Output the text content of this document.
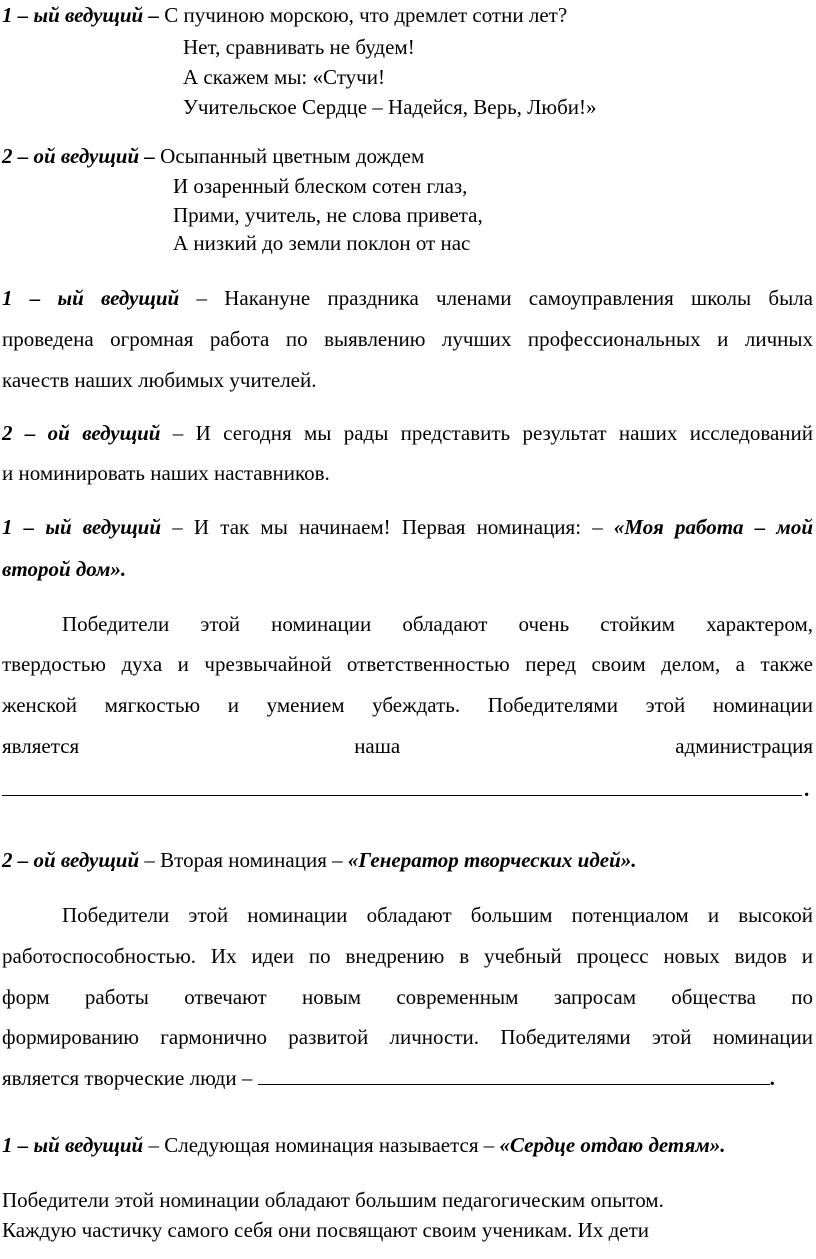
1 – ый ведущий – С пучиною морскою, что дремлет сотни лет?
Нет, сравнивать не будем!
А скажем мы: «Стучи!
Учительское Сердце – Надейся, Верь, Люби!»
2 – ой ведущий – Осыпанный цветным дождем
И озаренный блеском сотен глаз,
Прими, учитель, не слова привета,
А низкий до земли поклон от нас
1 – ый ведущий – Накануне праздника членами самоуправления школы была
проведена огромная работа по выявлению лучших профессиональных и личных
качеств наших любимых учителей.
2 – ой ведущий – И сегодня мы рады представить результат наших исследований
и номинировать наших наставников.
1 – ый ведущий – И так мы начинаем! Первая номинация: – «Моя работа – мой
второй дом».
Победители этой номинации обладают очень стойким характером,
твердостью духа и чрезвычайной ответственностью перед своим делом, а также
женской мягкостью и умением убеждать. Победителями этой номинации
является наша администрация
.
2 – ой ведущий – Вторая номинация – «Генератор творческих идей».
Победители этой номинации обладают большим потенциалом и высокой
работоспособностью. Их идеи по внедрению в учебный процесс новых видов и
форм работы отвечают новым современным запросам общества по
формированию гармонично развитой личности. Победителями этой номинации
является творческие люди –	.
1 – ый ведущий – Следующая номинация называется – «Сердце отдаю детям».
Победители этой номинации обладают большим педагогическим опытом.
Каждую частичку самого себя они посвящают своим ученикам. Их дети
